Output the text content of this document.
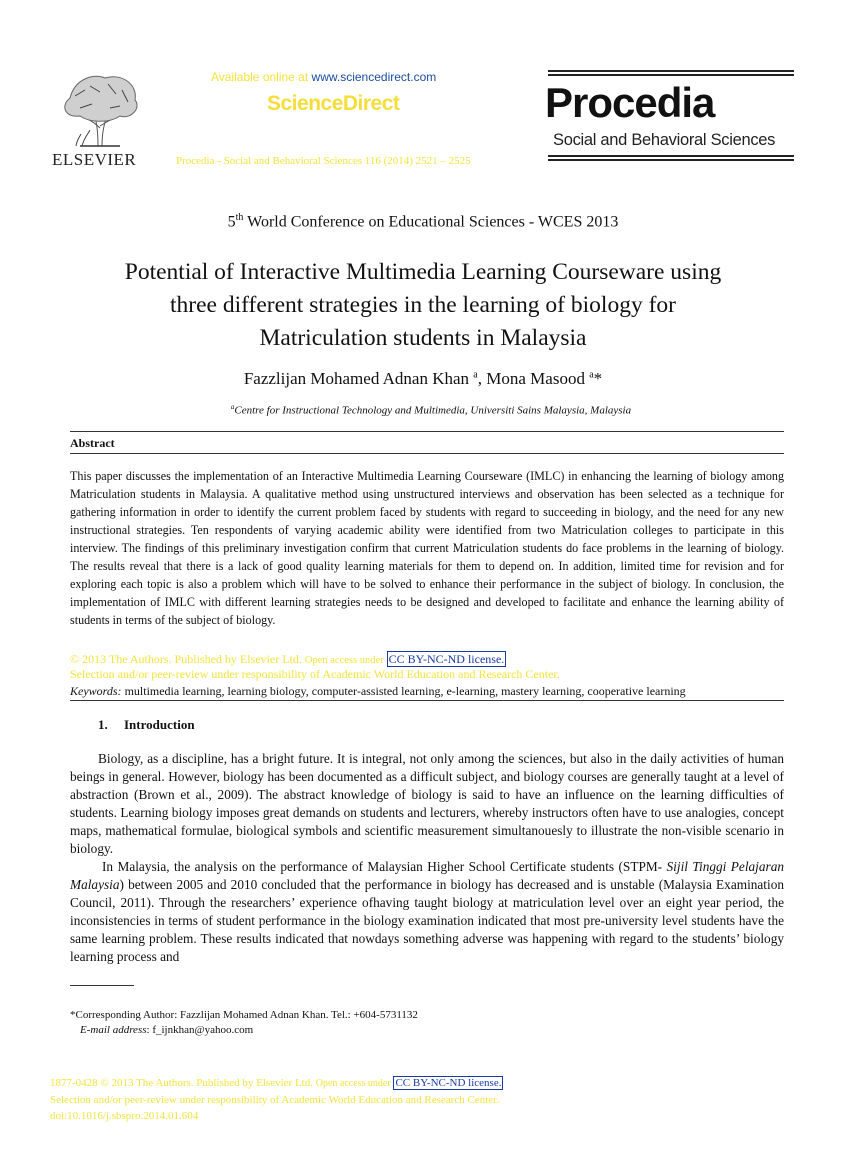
ELSEVIER
Available online at www.sciencedirect.com
ScienceDirect
Procedia - Social and Behavioral Sciences 116 (2014) 2521 – 2525
Procedia
Social and Behavioral Sciences
5th World Conference on Educational Sciences - WCES 2013
Potential of Interactive Multimedia Learning Courseware using
three different strategies in the learning of biology for
Matriculation students in Malaysia
Fazzlijan Mohamed Adnan Khan $^a$, Mona Masood $^a$*
$^a$Centre for Instructional Technology and Multimedia, Universiti Sains Malaysia, Malaysia
Abstract
This paper discusses the implementation of an Interactive Multimedia Learning Courseware (IMLC) in enhancing the learning of biology among Matriculation students in Malaysia. A qualitative method using unstructured interviews and observation has been selected as a technique for gathering information in order to identify the current problem faced by students with regard to succeeding in biology, and the need for any new instructional strategies. Ten respondents of varying academic ability were identified from two Matriculation colleges to participate in this interview. The findings of this preliminary investigation confirm that current Matriculation students do face problems in the learning of biology. The results reveal that there is a lack of good quality learning materials for them to depend on. In addition, limited time for revision and for exploring each topic is also a problem which will have to be solved to enhance their performance in the subject of biology. In conclusion, the implementation of IMLC with different learning strategies needs to be designed and developed to facilitate and enhance the learning ability of students in terms of the subject of biology.
© 2013 The Authors. Published by Elsevier Ltd. Open access under CC BY-NC-ND license.
Selection and/or peer-review under responsibility of Academic World Education and Research Center.
Keywords: multimedia learning, learning biology, computer-assisted learning, e-learning, mastery learning, cooperative learning
1. Introduction

Biology, as a discipline, has a bright future. It is integral, not only among the sciences, but also in the daily activities of human beings in general. However, biology has been documented as a difficult subject, and biology courses are generally taught at a level of abstraction (Brown et al., 2009). The abstract knowledge of biology is said to have an influence on the learning difficulties of students. Learning biology imposes great demands on students and lecturers, whereby instructors often have to use analogies, concept maps, mathematical formulae, biological symbols and scientific measurement simultanouesly to illustrate the non-visible scenario in biology.

In Malaysia, the analysis on the performance of Malaysian Higher School Certificate students (STPM- Sijil Tinggi Pelajaran Malaysia) between 2005 and 2010 concluded that the performance in biology has decreased and is unstable (Malaysia Examination Council, 2011). Through the researchers’ experience ofhaving taught biology at matriculation level over an eight year period, the inconsistencies in terms of student performance in the biology examination indicated that most pre-university level students have the same learning problem. These results indicated that nowdays something adverse was happening with regard to the students’ biology learning process and

*Corresponding Author: Fazzlijan Mohamed Adnan Khan. Tel.: +604-5731132
E-mail address: f_ijnkhan@yahoo.com
1877-0428 © 2013 The Authors. Published by Elsevier Ltd. Open access under CC BY-NC-ND license.
Selection and/or peer-review under responsibility of Academic World Education and Research Center.
doi:10.1016/j.sbspro.2014.01.604
